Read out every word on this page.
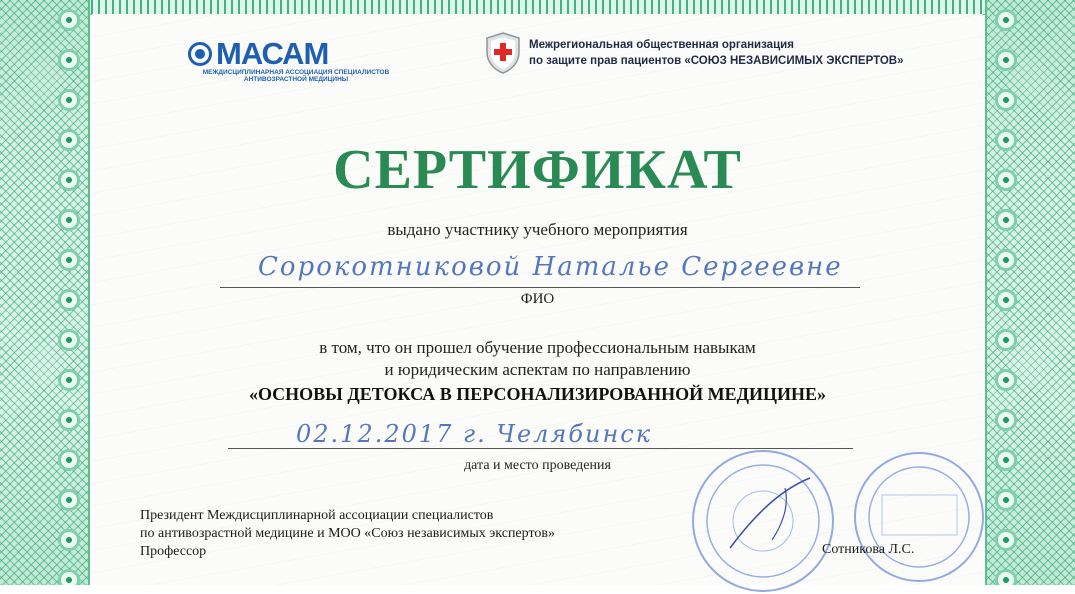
МАСАМ
МЕЖДИСЦИПЛИНАРНАЯ АССОЦИАЦИЯ СПЕЦИАЛИСТОВ
АНТИВОЗРАСТНОЙ МЕДИЦИНЫ
Межрегиональная общественная организация
по защите прав пациентов «СОЮЗ НЕЗАВИСИМЫХ ЭКСПЕРТОВ»
СЕРТИФИКАТ
выдано участнику учебного мероприятия
Сорокотниковой Наталье Сергеевне
ФИО
в том, что он прошел обучение профессиональным навыкам
и юридическим аспектам по направлению
«ОСНОВЫ ДЕТОКСА В ПЕРСОНАЛИЗИРОВАННОЙ МЕДИЦИНЕ»
02.12.2017 г. Челябинск
дата и место проведения
Президент Междисциплинарной ассоциации специалистов
по антивозрастной медицине и МОО «Союз независимых экспертов»
Профессор	Сотникова Л.С.
